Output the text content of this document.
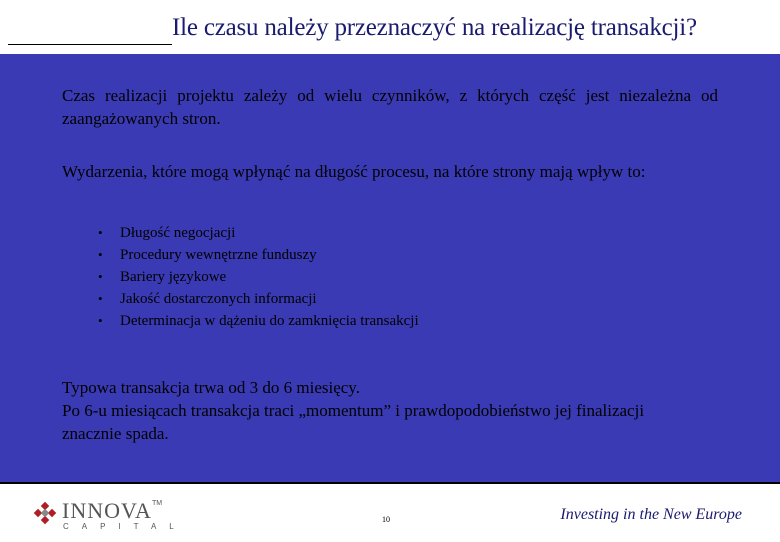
Ile czasu należy przeznaczyć na realizację transakcji?
Czas realizacji projektu zależy od wielu czynników, z których część jest niezależna od zaangażowanych stron.
Wydarzenia, które mogą wpłynąć na długość procesu, na które strony mają wpływ to:
• Długość negocjacji
• Procedury wewnętrzne funduszy
• Bariery językowe
• Jakość dostarczonych informacji
• Determinacja w dążeniu do zamknięcia transakcji
Typowa transakcja trwa od 3 do 6 miesięcy.
Po 6-u miesiącach transakcja traci „momentum” i prawdopodobieństwo jej finalizacji znacznie spada.
INNOVA TM
CAPITAL
10	Investing in the New Europe
